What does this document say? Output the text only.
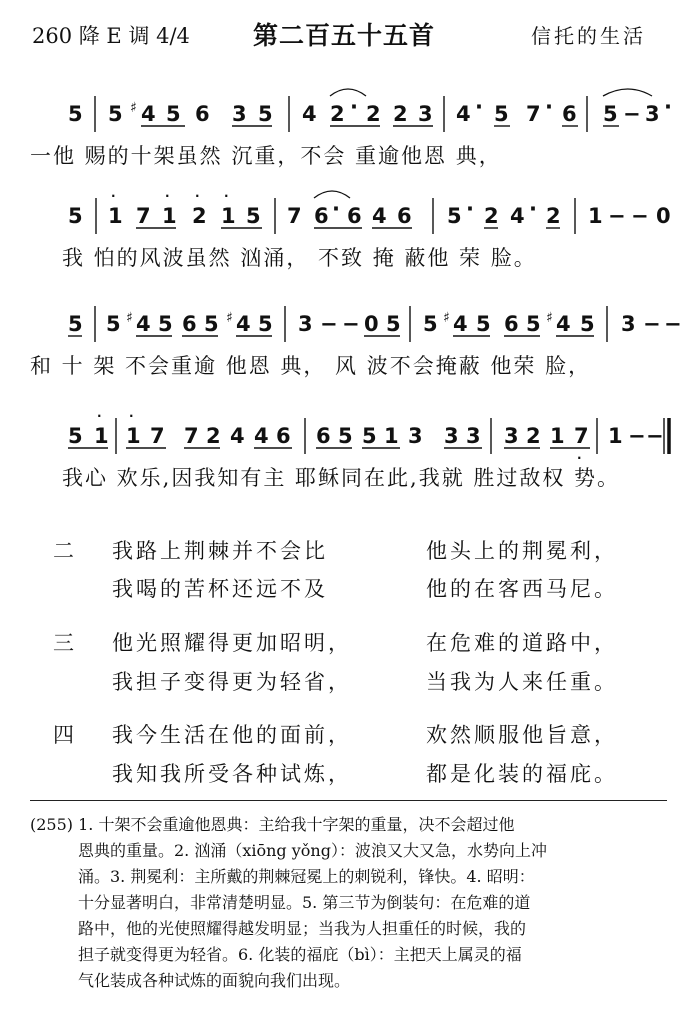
260 降 E 调 4/4	第二百五十五首	信托的生活
5 5 ♯ 4 5 6 3 5 4 2 · 2 2 3 4 · 5 7 · 6 5 − 3 ·
一他 赐的十架虽然 沉重，不会 重逾他恩 典，
5 1
·
7 1
·
2
·
1
·
5 7 6 · 6 4 6 5 · 2 4 · 2 1 − − 0
我 怕的风波虽然 汹涌， 不致 掩 蔽他 荣 脸。
5 5 ♯ 4 5 6 5 ♯ 4 5 3 − − 0 5 5 ♯ 4 5 6 5 ♯ 4 5 3 − −
和 十 架 不会重逾 他恩 典， 风 波不会掩蔽 他荣 脸，
5 1
·
1
·
7 7 2 4 4 6 6 5 5 1 3 3 3 3 2 1 7
·
1 − −
我心 欢乐,因我知有主 耶稣同在此,我就 胜过敌权 势。
二 我路上荆棘并不会比	他头上的荆冕利，
我喝的苦杯还远不及	他的在客西马尼。
三 他光照耀得更加昭明，	在危难的道路中，
我担子变得更为轻省，	当我为人来任重。
四 我今生活在他的面前，	欢然顺服他旨意，
我知我所受各种试炼，	都是化装的福庇。
(255) 1. 十架不会重逾他恩典：主给我十字架的重量，决不会超过他
恩典的重量。2. 汹涌（xiōng yǒng）：波浪又大又急，水势向上冲
涌。3. 荆冕利：主所戴的荆棘冠冕上的刺锐利，锋快。4. 昭明：
十分显著明白，非常清楚明显。5. 第三节为倒装句：在危难的道
路中，他的光使照耀得越发明显；当我为人担重任的时候，我的
担子就变得更为轻省。6. 化装的福庇（bì）：主把天上属灵的福
气化装成各种试炼的面貌向我们出现。
